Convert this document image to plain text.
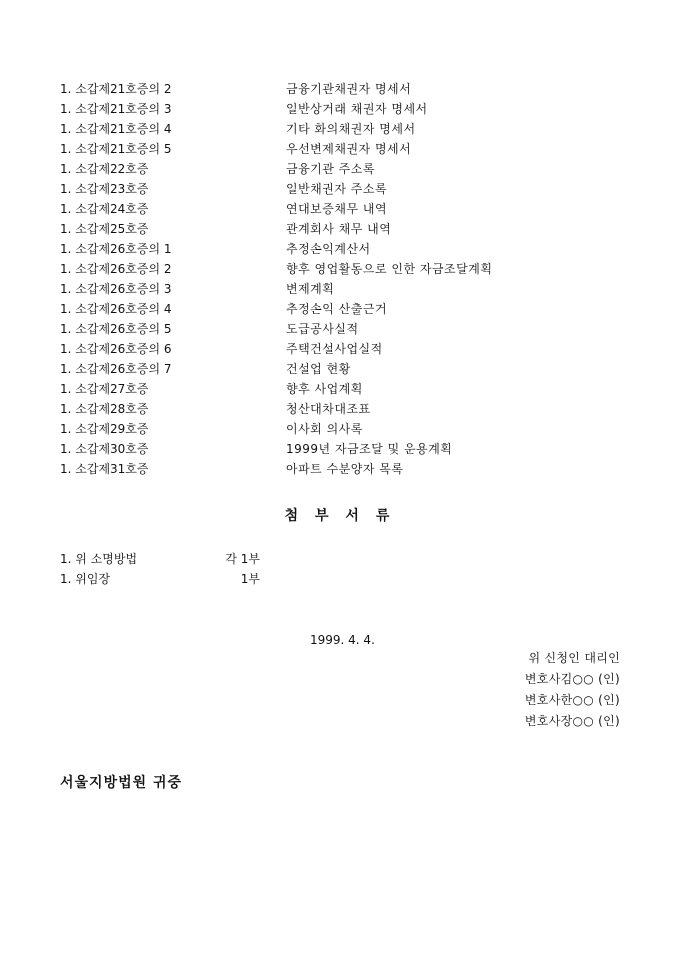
1. 소갑제21호증의 2	금융기관채권자 명세서
1. 소갑제21호증의 3	일반상거래 채권자 명세서
1. 소갑제21호증의 4	기타 화의채권자 명세서
1. 소갑제21호증의 5	우선변제채권자 명세서
1. 소갑제22호증	금융기관 주소록
1. 소갑제23호증	일반채권자 주소록
1. 소갑제24호증	연대보증채무 내역
1. 소갑제25호증	관계회사 채무 내역
1. 소갑제26호증의 1	추정손익계산서
1. 소갑제26호증의 2	향후 영업활동으로 인한 자금조달계획
1. 소갑제26호증의 3	변제계획
1. 소갑제26호증의 4	추정손익 산출근거
1. 소갑제26호증의 5	도급공사실적
1. 소갑제26호증의 6	주택건설사업실적
1. 소갑제26호증의 7	건설업 현황
1. 소갑제27호증	향후 사업계획
1. 소갑제28호증	청산대차대조표
1. 소갑제29호증	이사회 의사록
1. 소갑제30호증	1999년 자금조달 및 운용계획
1. 소갑제31호증	아파트 수분양자 목록
첨 부 서 류
1. 위 소명방법	각 1부
1. 위임장	1부
1999. 4. 4.
위 신청인 대리인
변호사김○○ (인)
변호사한○○ (인)
변호사장○○ (인)
서울지방법원 귀중
